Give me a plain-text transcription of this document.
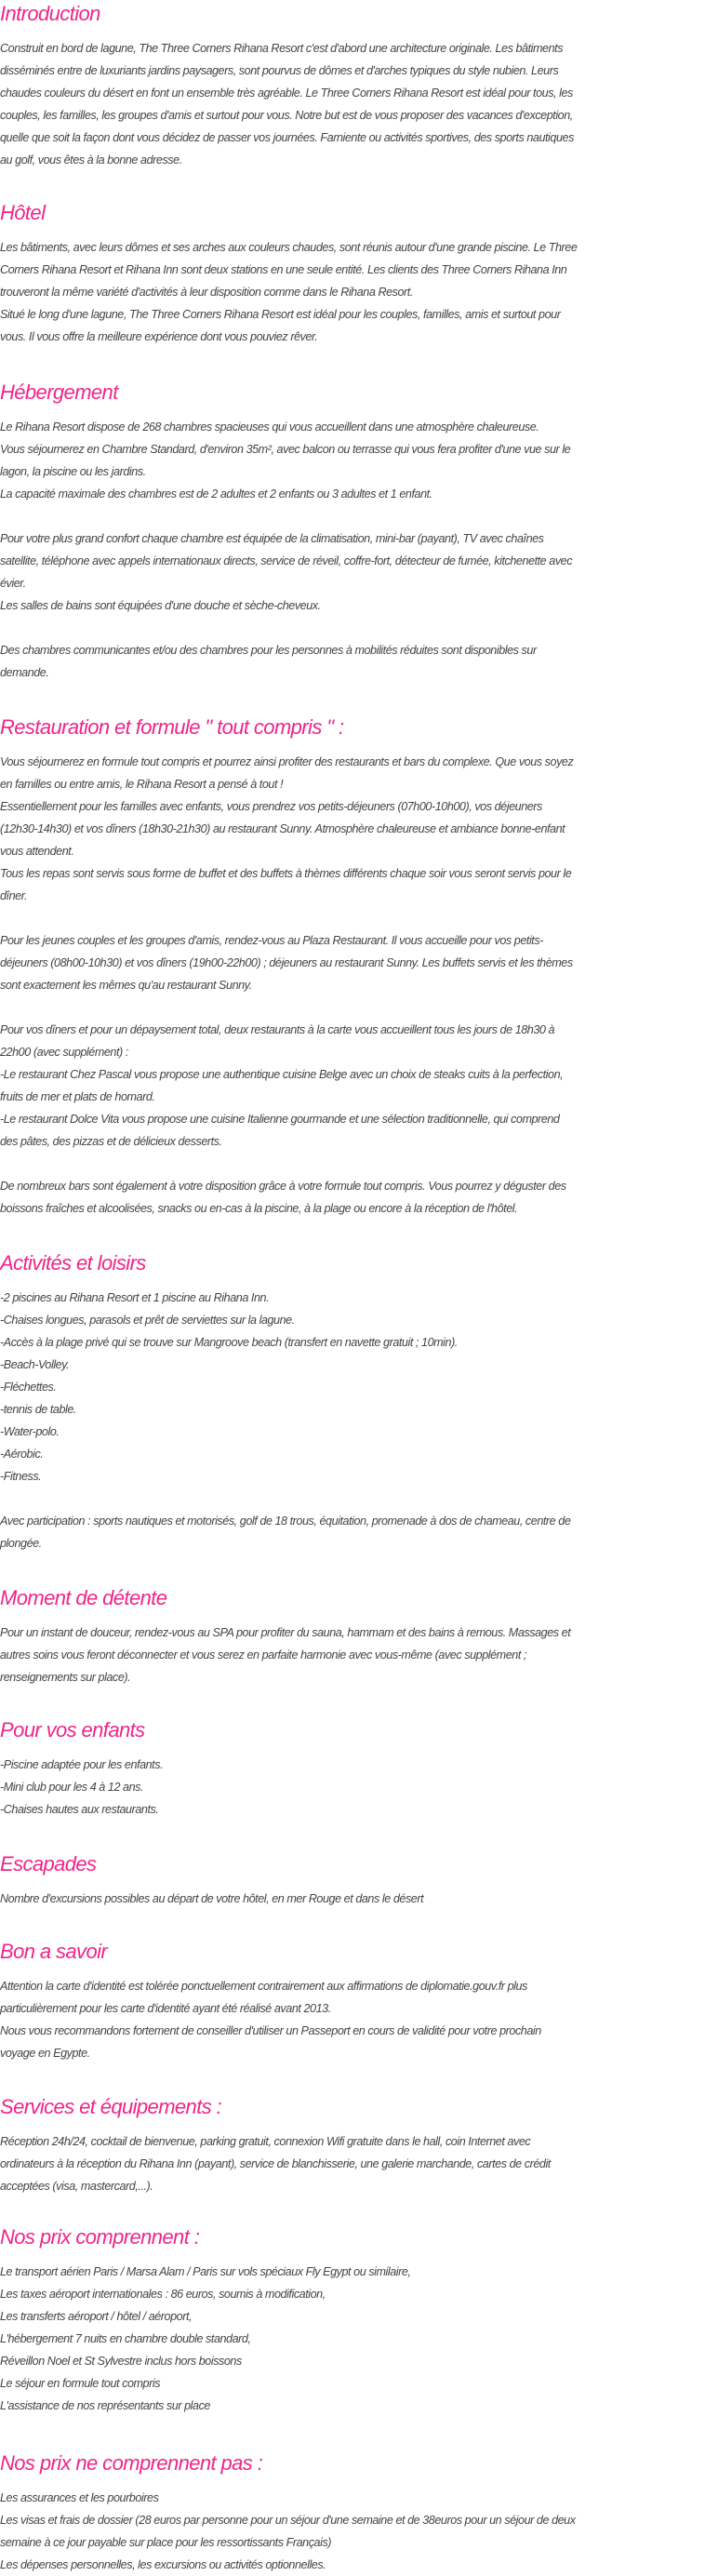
Introduction
Construit en bord de lagune, The Three Corners Rihana Resort c'est d'abord une architecture originale. Les bâtiments
disséminés entre de luxuriants jardins paysagers, sont pourvus de dômes et d'arches typiques du style nubien. Leurs
chaudes couleurs du désert en font un ensemble très agréable. Le Three Corners Rihana Resort est idéal pour tous, les
couples, les familles, les groupes d'amis et surtout pour vous. Notre but est de vous proposer des vacances d'exception,
quelle que soit la façon dont vous décidez de passer vos journées. Farniente ou activités sportives, des sports nautiques
au golf, vous êtes à la bonne adresse.
Hôtel
Les bâtiments, avec leurs dômes et ses arches aux couleurs chaudes, sont réunis autour d'une grande piscine. Le Three
Corners Rihana Resort et Rihana Inn sont deux stations en une seule entité. Les clients des Three Corners Rihana Inn
trouveront la même variété d'activités à leur disposition comme dans le Rihana Resort.
Situé le long d'une lagune, The Three Corners Rihana Resort est idéal pour les couples, familles, amis et surtout pour
vous. Il vous offre la meilleure expérience dont vous pouviez rêver.
Hébergement
Le Rihana Resort dispose de 268 chambres spacieuses qui vous accueillent dans une atmosphère chaleureuse.
Vous séjournerez en Chambre Standard, d'environ 35m², avec balcon ou terrasse qui vous fera profiter d'une vue sur le
lagon, la piscine ou les jardins.
La capacité maximale des chambres est de 2 adultes et 2 enfants ou 3 adultes et 1 enfant.
Pour votre plus grand confort chaque chambre est équipée de la climatisation, mini-bar (payant), TV avec chaînes
satellite, téléphone avec appels internationaux directs, service de réveil, coffre-fort, détecteur de fumée, kitchenette avec
évier.
Les salles de bains sont équipées d'une douche et sèche-cheveux.
Des chambres communicantes et/ou des chambres pour les personnes à mobilités réduites sont disponibles sur
demande.
Restauration et formule " tout compris " :
Vous séjournerez en formule tout compris et pourrez ainsi profiter des restaurants et bars du complexe. Que vous soyez
en familles ou entre amis, le Rihana Resort a pensé à tout !
Essentiellement pour les familles avec enfants, vous prendrez vos petits-déjeuners (07h00-10h00), vos déjeuners
(12h30-14h30) et vos dîners (18h30-21h30) au restaurant Sunny. Atmosphère chaleureuse et ambiance bonne-enfant
vous attendent.
Tous les repas sont servis sous forme de buffet et des buffets à thèmes différents chaque soir vous seront servis pour le
dîner.
Pour les jeunes couples et les groupes d'amis, rendez-vous au Plaza Restaurant. Il vous accueille pour vos petits-
déjeuners (08h00-10h30) et vos dîners (19h00-22h00) ; déjeuners au restaurant Sunny. Les buffets servis et les thèmes
sont exactement les mêmes qu'au restaurant Sunny.
Pour vos dîners et pour un dépaysement total, deux restaurants à la carte vous accueillent tous les jours de 18h30 à
22h00 (avec supplément) :
-Le restaurant Chez Pascal vous propose une authentique cuisine Belge avec un choix de steaks cuits à la perfection,
fruits de mer et plats de homard.
-Le restaurant Dolce Vita vous propose une cuisine Italienne gourmande et une sélection traditionnelle, qui comprend
des pâtes, des pizzas et de délicieux desserts.
De nombreux bars sont également à votre disposition grâce à votre formule tout compris. Vous pourrez y déguster des
boissons fraîches et alcoolisées, snacks ou en-cas à la piscine, à la plage ou encore à la réception de l'hôtel.
Activités et loisirs
-2 piscines au Rihana Resort et 1 piscine au Rihana Inn.
-Chaises longues, parasols et prêt de serviettes sur la lagune.
-Accès à la plage privé qui se trouve sur Mangroove beach (transfert en navette gratuit ; 10min).
-Beach-Volley.
-Fléchettes.
-tennis de table.
-Water-polo.
-Aérobic.
-Fitness.
Avec participation : sports nautiques et motorisés, golf de 18 trous, équitation, promenade à dos de chameau, centre de
plongée.
Moment de détente
Pour un instant de douceur, rendez-vous au SPA pour profiter du sauna, hammam et des bains à remous. Massages et
autres soins vous feront déconnecter et vous serez en parfaite harmonie avec vous-même (avec supplément ;
renseignements sur place).
Pour vos enfants
-Piscine adaptée pour les enfants.
-Mini club pour les 4 à 12 ans.
-Chaises hautes aux restaurants.
Escapades
Nombre d'excursions possibles au départ de votre hôtel, en mer Rouge et dans le désert
Bon a savoir
Attention la carte d'identité est tolérée ponctuellement contrairement aux affirmations de diplomatie.gouv.fr plus
particulièrement pour les carte d'identité ayant été réalisé avant 2013.
Nous vous recommandons fortement de conseiller d'utiliser un Passeport en cours de validité pour votre prochain
voyage en Egypte.
Services et équipements :
Réception 24h/24, cocktail de bienvenue, parking gratuit, connexion Wifi gratuite dans le hall, coin Internet avec
ordinateurs à la réception du Rihana Inn (payant), service de blanchisserie, une galerie marchande, cartes de crédit
acceptées (visa, mastercard,...).
Nos prix comprennent :
Le transport aérien Paris / Marsa Alam / Paris sur vols spéciaux Fly Egypt ou similaire,
Les taxes aéroport internationales : 86 euros, soumis à modification,
Les transferts aéroport / hôtel / aéroport,
L'hébergement 7 nuits en chambre double standard,
Réveillon Noel et St Sylvestre inclus hors boissons
Le séjour en formule tout compris
L'assistance de nos représentants sur place
Nos prix ne comprennent pas :
Les assurances et les pourboires
Les visas et frais de dossier (28 euros par personne pour un séjour d'une semaine et de 38euros pour un séjour de deux
semaine à ce jour payable sur place pour les ressortissants Français)
Les dépenses personnelles, les excursions ou activités optionnelles.
